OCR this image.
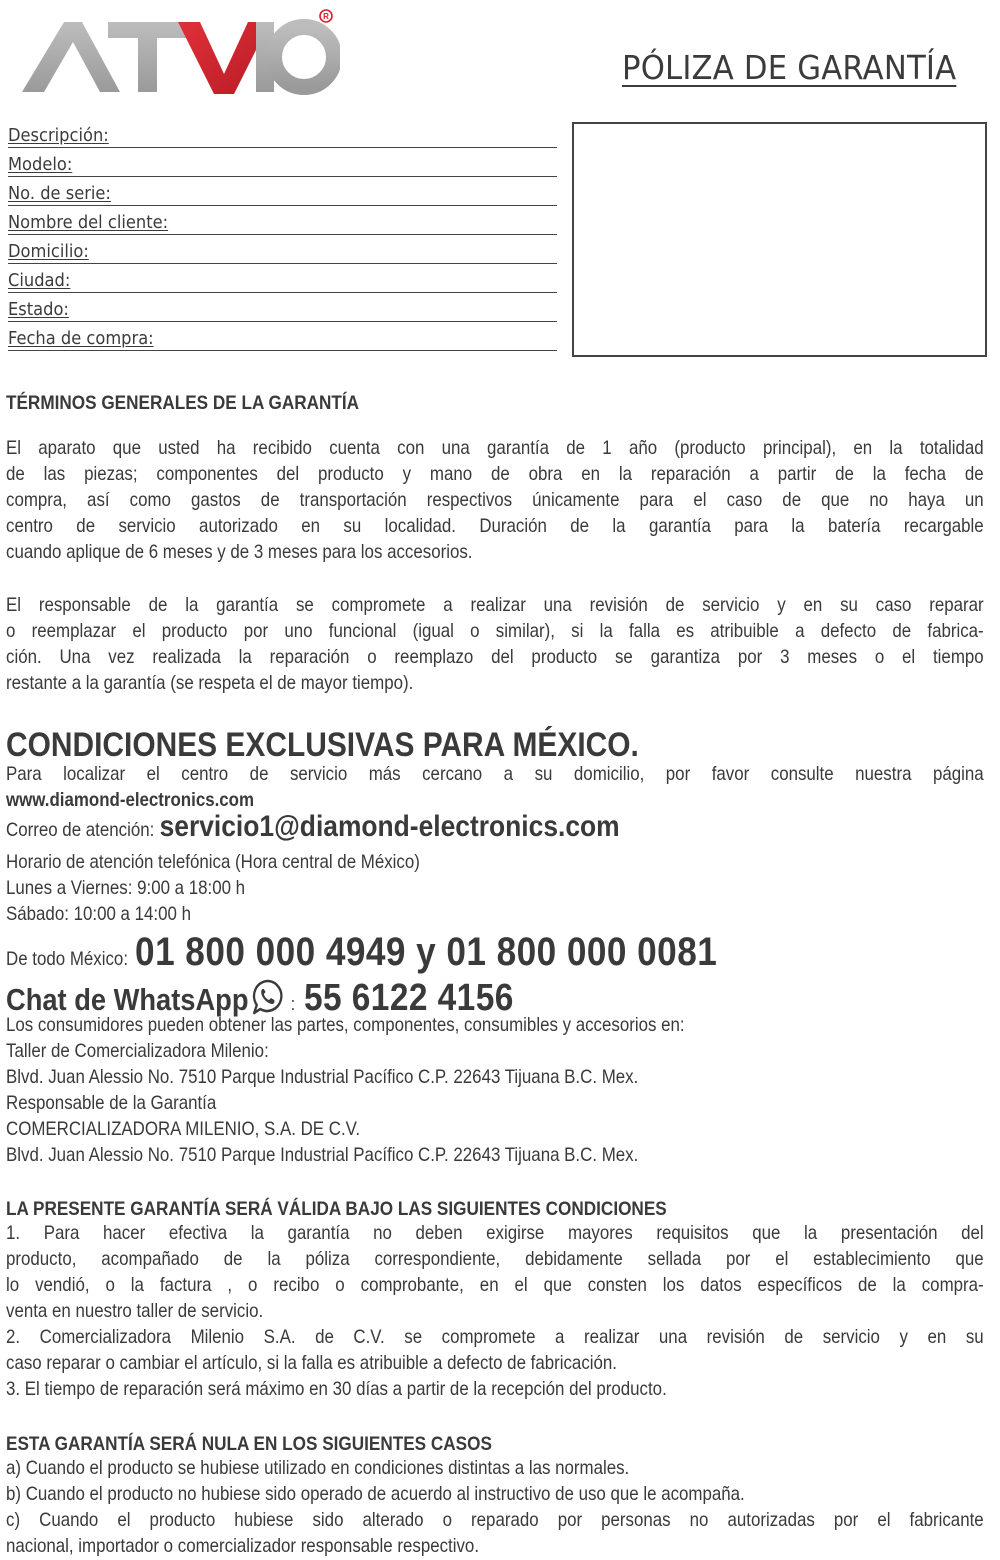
R
PÓLIZA DE GARANTÍA
Descripción:
Modelo:
No. de serie:
Nombre del cliente:
Domicilio:
Ciudad:
Estado:
Fecha de compra:
TÉRMINOS GENERALES DE LA GARANTÍA
El aparato que usted ha recibido cuenta con una garantía de 1 año (producto principal), en la totalidad
de las piezas; componentes del producto y mano de obra en la reparación a partir de la fecha de
compra, así como gastos de transportación respectivos únicamente para el caso de que no haya un
centro de servicio autorizado en su localidad. Duración de la garantía para la batería recargable
cuando aplique de 6 meses y de 3 meses para los accesorios.
El responsable de la garantía se compromete a realizar una revisión de servicio y en su caso reparar
o reemplazar el producto por uno funcional (igual o similar), si la falla es atribuible a defecto de fabrica-
ción. Una vez realizada la reparación o reemplazo del producto se garantiza por 3 meses o el tiempo
restante a la garantía (se respeta el de mayor tiempo).
CONDICIONES EXCLUSIVAS PARA MÉXICO.
Para localizar el centro de servicio más cercano a su domicilio, por favor consulte nuestra página
www.diamond-electronics.com
Correo de atención: servicio1@diamond-electronics.com
Horario de atención telefónica (Hora central de México)
Lunes a Viernes: 9:00 a 18:00 h
Sábado: 10:00 a 14:00 h
De todo México: 01 800 000 4949 y 01 800 000 0081
Chat de WhatsApp : 55 6122 4156
Los consumidores pueden obtener las partes, componentes, consumibles y accesorios en:
Taller de Comercializadora Milenio:
Blvd. Juan Alessio No. 7510 Parque Industrial Pacífico C.P. 22643 Tijuana B.C. Mex.
Responsable de la Garantía
COMERCIALIZADORA MILENIO, S.A. DE C.V.
Blvd. Juan Alessio No. 7510 Parque Industrial Pacífico C.P. 22643 Tijuana B.C. Mex.
LA PRESENTE GARANTÍA SERÁ VÁLIDA BAJO LAS SIGUIENTES CONDICIONES
1. Para hacer efectiva la garantía no deben exigirse mayores requisitos que la presentación del
producto, acompañado de la póliza correspondiente, debidamente sellada por el establecimiento que
lo vendió, o la factura , o recibo o comprobante, en el que consten los datos específicos de la compra-
venta en nuestro taller de servicio.
2. Comercializadora Milenio S.A. de C.V. se compromete a realizar una revisión de servicio y en su
caso reparar o cambiar el artículo, si la falla es atribuible a defecto de fabricación.
3. El tiempo de reparación será máximo en 30 días a partir de la recepción del producto.
ESTA GARANTÍA SERÁ NULA EN LOS SIGUIENTES CASOS
a) Cuando el producto se hubiese utilizado en condiciones distintas a las normales.
b) Cuando el producto no hubiese sido operado de acuerdo al instructivo de uso que le acompaña.
c) Cuando el producto hubiese sido alterado o reparado por personas no autorizadas por el fabricante
nacional, importador o comercializador responsable respectivo.
